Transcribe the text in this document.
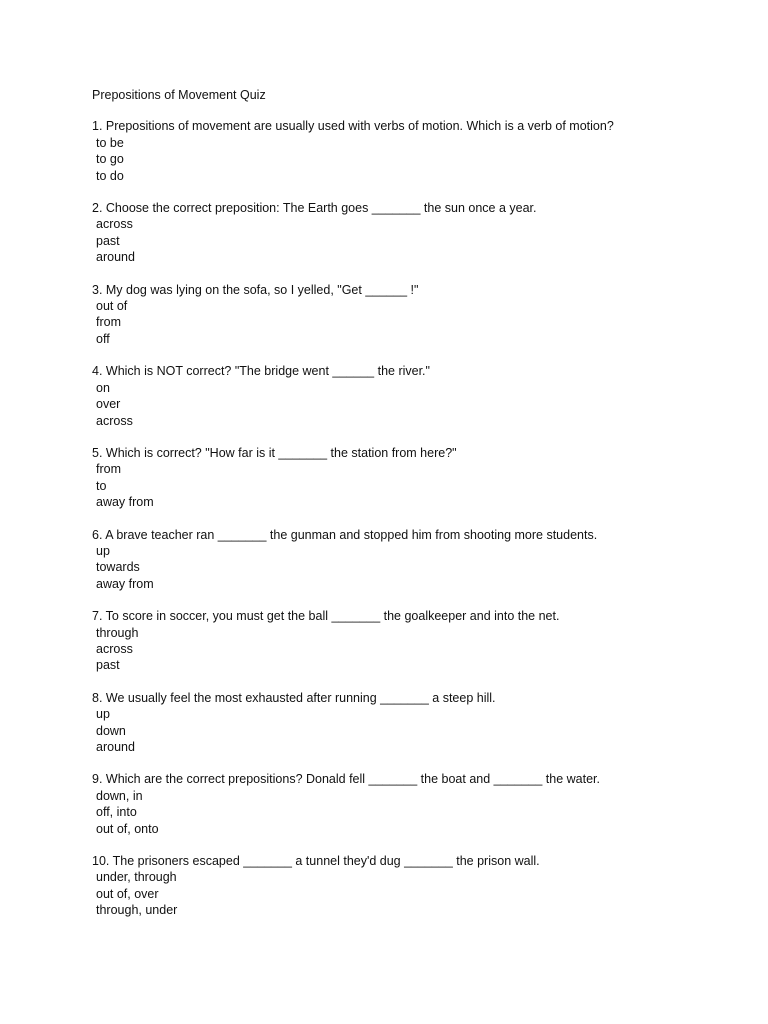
Prepositions of Movement Quiz
1. Prepositions of movement are usually used with verbs of motion. Which is a verb of motion?
to be
to go
to do
2. Choose the correct preposition: The Earth goes _______ the sun once a year.
across
past
around
3. My dog was lying on the sofa, so I yelled, "Get ______ !"
out of
from
off
4. Which is NOT correct? "The bridge went ______ the river."
on
over
across
5. Which is correct? "How far is it _______ the station from here?"
from
to
away from
6. A brave teacher ran _______ the gunman and stopped him from shooting more students.
up
towards
away from
7. To score in soccer, you must get the ball _______ the goalkeeper and into the net.
through
across
past
8. We usually feel the most exhausted after running _______ a steep hill.
up
down
around
9. Which are the correct prepositions? Donald fell _______ the boat and _______ the water.
down, in
off, into
out of, onto
10. The prisoners escaped _______ a tunnel they'd dug _______ the prison wall.
under, through
out of, over
through, under
